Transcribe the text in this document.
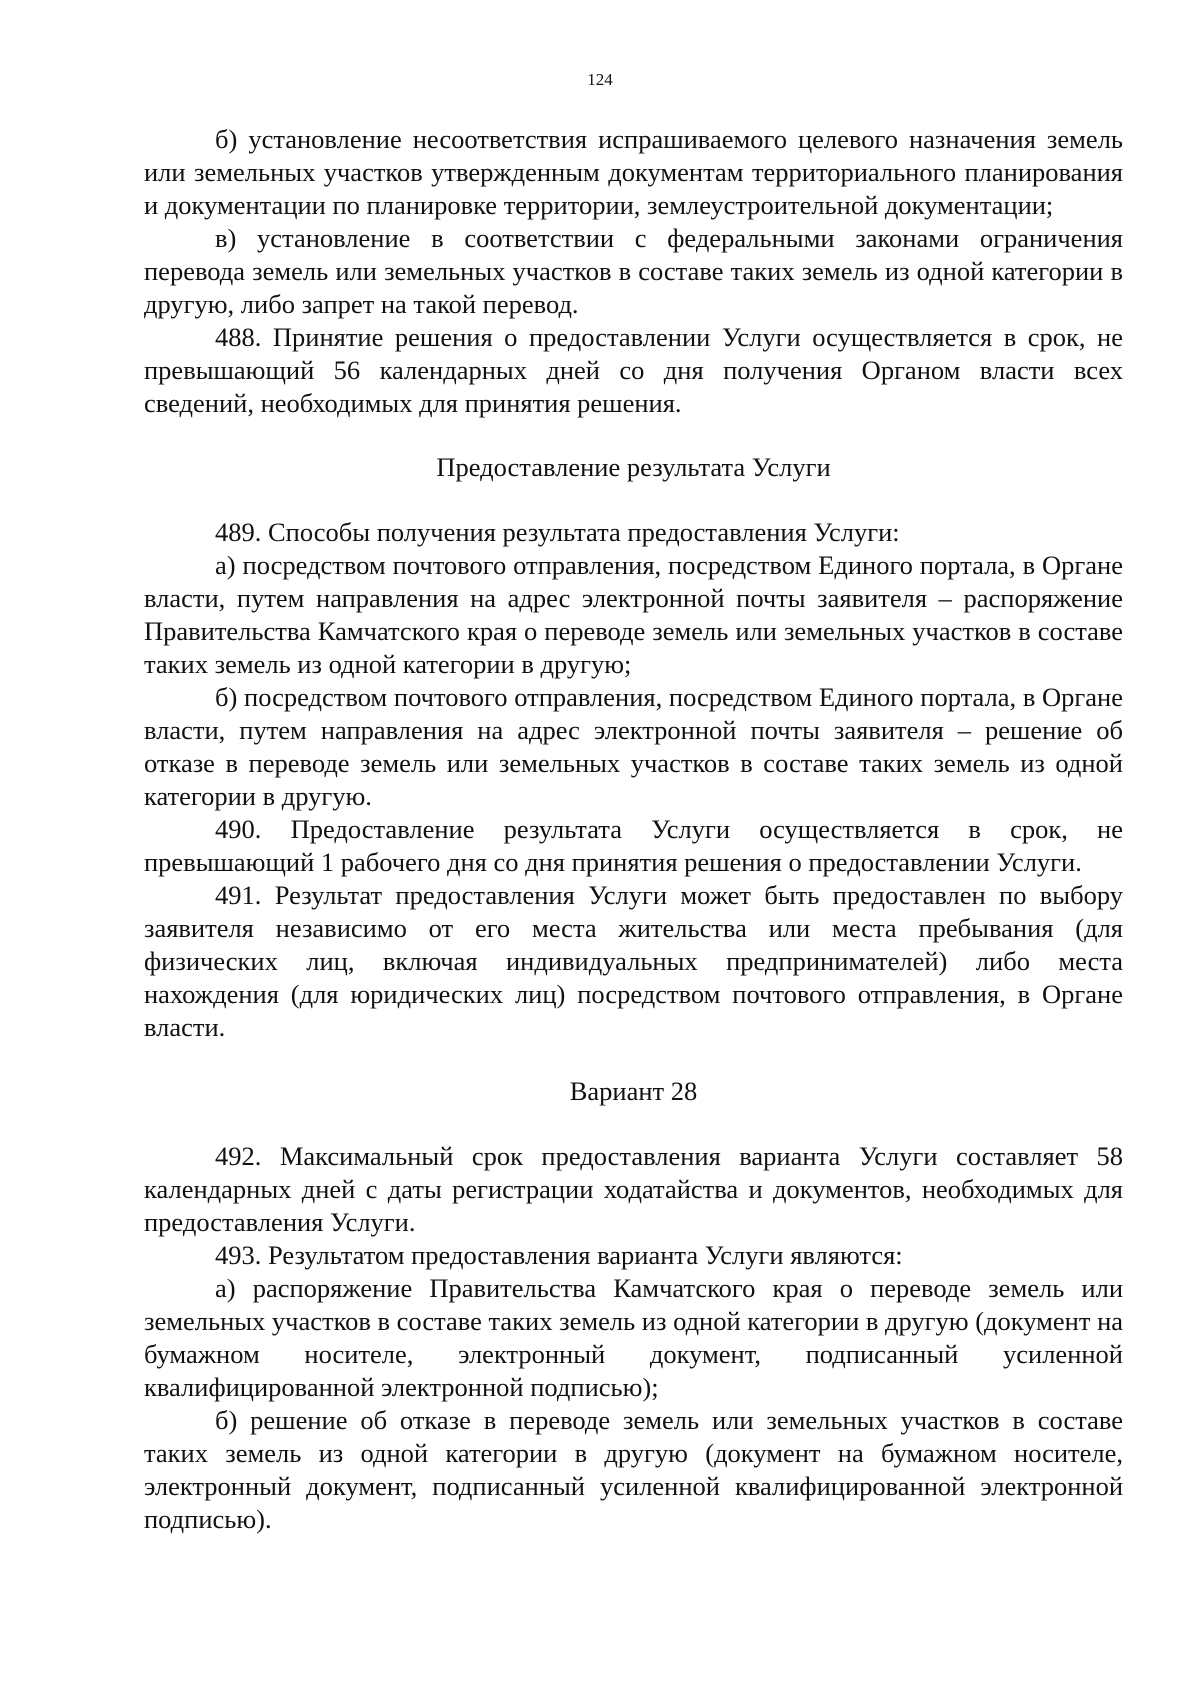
124

б) установление несоответствия испрашиваемого целевого назначения земель или земельных участков утвержденным документам территориального планирования и документации по планировке территории, землеустроительной документации;

в) установление в соответствии с федеральными законами ограничения перевода земель или земельных участков в составе таких земель из одной категории в другую, либо запрет на такой перевод.

488. Принятие решения о предоставлении Услуги осуществляется в срок, не превышающий 56 календарных дней со дня получения Органом власти всех сведений, необходимых для принятия решения.

Предоставление результата Услуги

489. Способы получения результата предоставления Услуги:

а) посредством почтового отправления, посредством Единого портала, в Органе власти, путем направления на адрес электронной почты заявителя – распоряжение Правительства Камчатского края о переводе земель или земельных участков в составе таких земель из одной категории в другую;

б) посредством почтового отправления, посредством Единого портала, в Органе власти, путем направления на адрес электронной почты заявителя – решение об отказе в переводе земель или земельных участков в составе таких земель из одной категории в другую.

490. Предоставление результата Услуги осуществляется в срок, не превышающий 1 рабочего дня со дня принятия решения о предоставлении Услуги.

491. Результат предоставления Услуги может быть предоставлен по выбору заявителя независимо от его места жительства или места пребывания (для физических лиц, включая индивидуальных предпринимателей) либо места нахождения (для юридических лиц) посредством почтового отправления, в Органе власти.

Вариант 28

492. Максимальный срок предоставления варианта Услуги составляет 58 календарных дней с даты регистрации ходатайства и документов, необходимых для предоставления Услуги.

493. Результатом предоставления варианта Услуги являются:

а) распоряжение Правительства Камчатского края о переводе земель или земельных участков в составе таких земель из одной категории в другую (документ на бумажном носителе, электронный документ, подписанный усиленной квалифицированной электронной подписью);

б) решение об отказе в переводе земель или земельных участков в составе таких земель из одной категории в другую (документ на бумажном носителе, электронный документ, подписанный усиленной квалифицированной электронной подписью).
